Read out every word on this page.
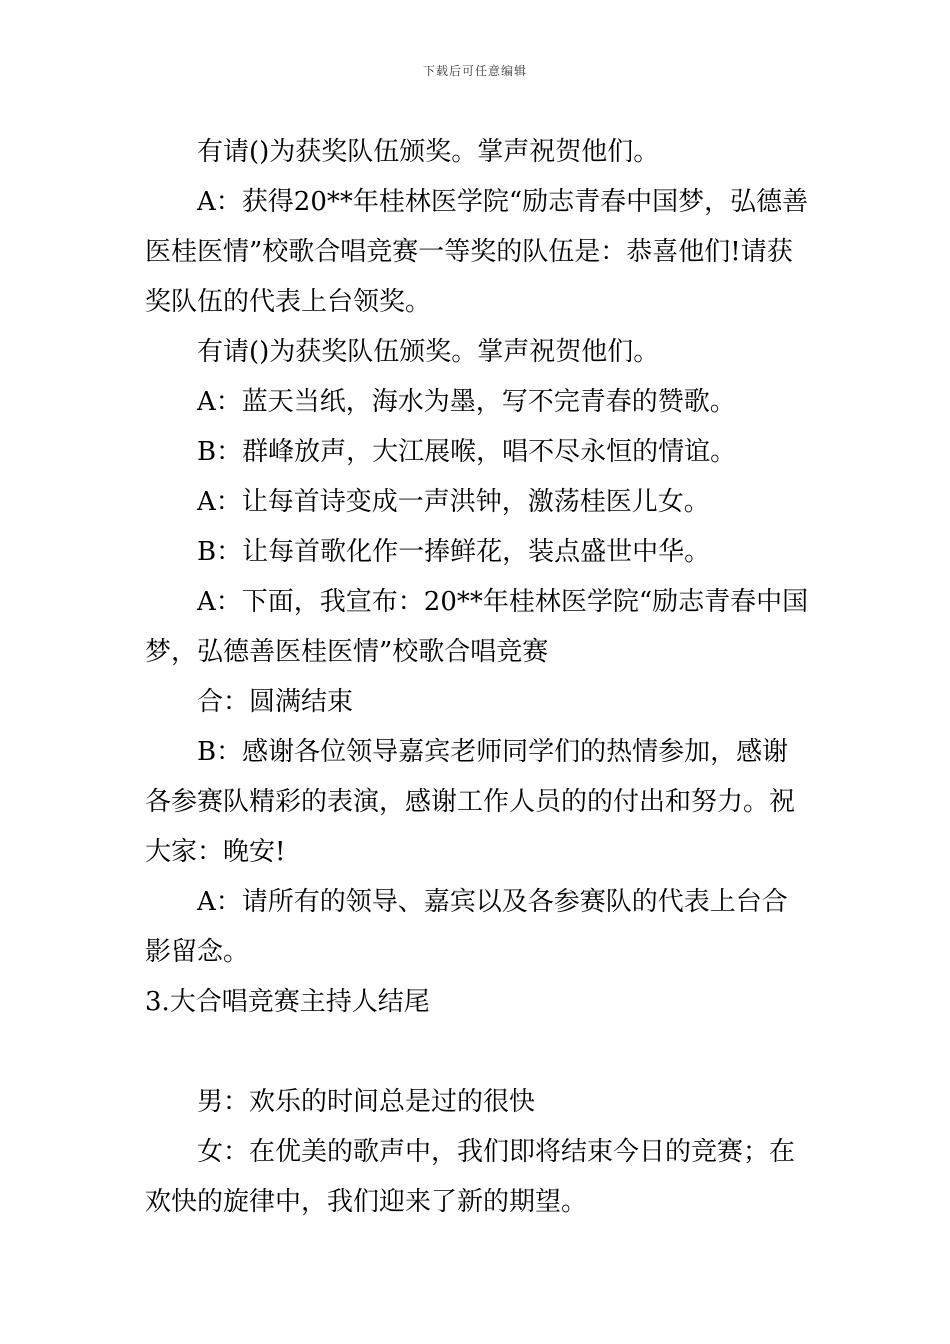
下载后可任意编辑

有请()为获奖队伍颁奖。掌声祝贺他们。

A：获得20**年桂林医学院“励志青春中国梦，弘德善医桂医情”校歌合唱竞赛一等奖的队伍是：恭喜他们!请获奖队伍的代表上台领奖。

有请()为获奖队伍颁奖。掌声祝贺他们。

A：蓝天当纸，海水为墨，写不完青春的赞歌。

B：群峰放声，大江展喉，唱不尽永恒的情谊。

A：让每首诗变成一声洪钟，激荡桂医儿女。

B：让每首歌化作一捧鲜花，装点盛世中华。

A：下面，我宣布：20**年桂林医学院“励志青春中国梦，弘德善医桂医情”校歌合唱竞赛

合：圆满结束

B：感谢各位领导嘉宾老师同学们的热情参加，感谢各参赛队精彩的表演，感谢工作人员的的付出和努力。祝大家：晚安!

A：请所有的领导、嘉宾以及各参赛队的代表上台合影留念。

3.大合唱竞赛主持人结尾

男：欢乐的时间总是过的很快

女：在优美的歌声中，我们即将结束今日的竞赛；在欢快的旋律中，我们迎来了新的期望。
